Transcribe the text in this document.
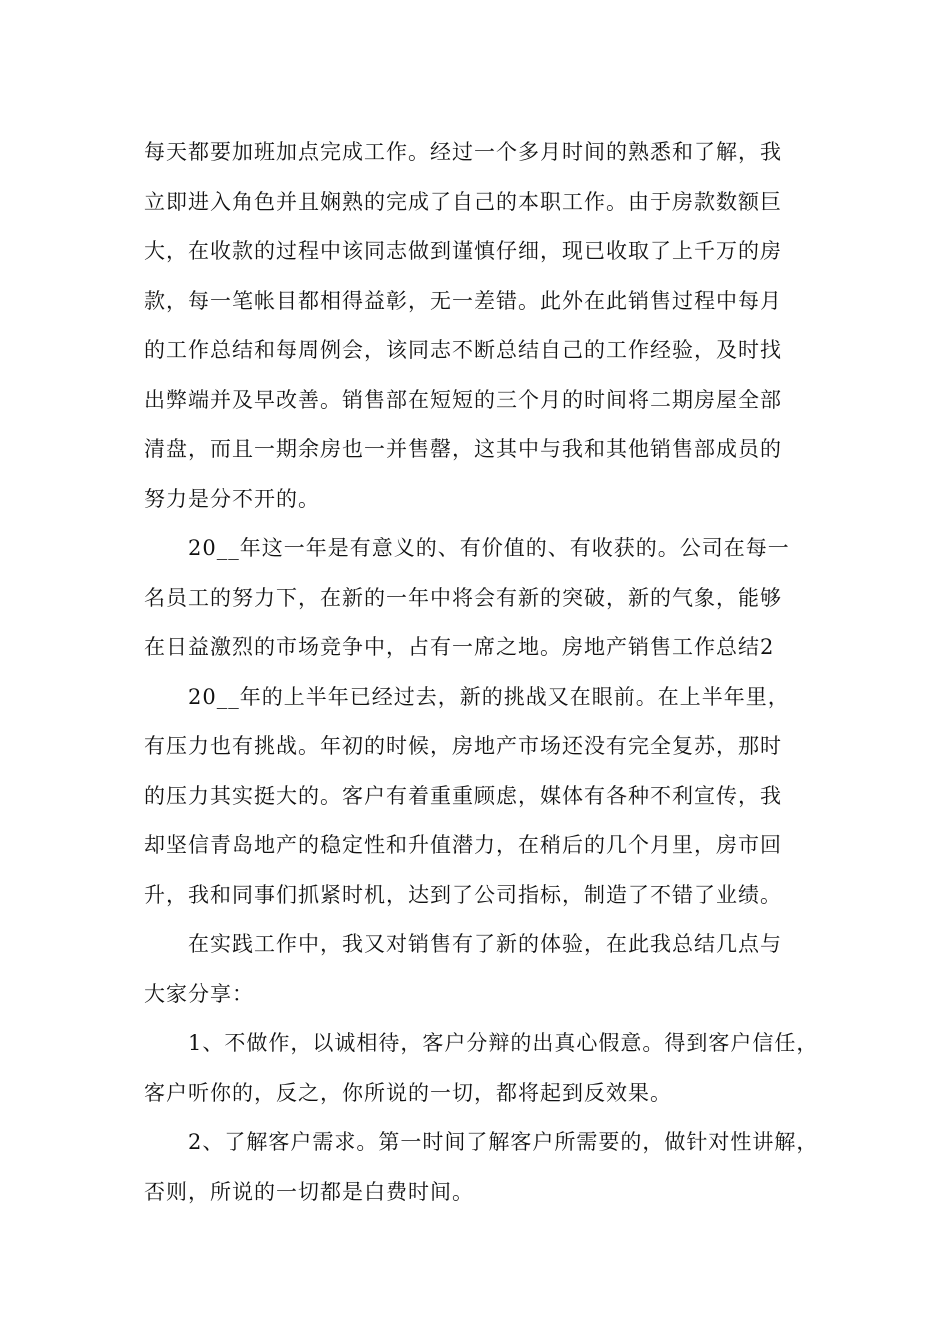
每天都要加班加点完成工作。经过一个多月时间的熟悉和了解，我
立即进入角色并且娴熟的完成了自己的本职工作。由于房款数额巨
大，在收款的过程中该同志做到谨慎仔细，现已收取了上千万的房
款，每一笔帐目都相得益彰，无一差错。此外在此销售过程中每月
的工作总结和每周例会，该同志不断总结自己的工作经验，及时找
出弊端并及早改善。销售部在短短的三个月的时间将二期房屋全部
清盘，而且一期余房也一并售罄，这其中与我和其他销售部成员的
努力是分不开的。
20__年这一年是有意义的、有价值的、有收获的。公司在每一
名员工的努力下，在新的一年中将会有新的突破，新的气象，能够
在日益激烈的市场竞争中，占有一席之地。房地产销售工作总结2
20__年的上半年已经过去，新的挑战又在眼前。在上半年里，
有压力也有挑战。年初的时候，房地产市场还没有完全复苏，那时
的压力其实挺大的。客户有着重重顾虑，媒体有各种不利宣传，我
却坚信青岛地产的稳定性和升值潜力，在稍后的几个月里，房市回
升，我和同事们抓紧时机，达到了公司指标，制造了不错了业绩。
在实践工作中，我又对销售有了新的体验，在此我总结几点与
大家分享：
1、不做作，以诚相待，客户分辩的出真心假意。得到客户信任，
客户听你的，反之，你所说的一切，都将起到反效果。
2、了解客户需求。第一时间了解客户所需要的，做针对性讲解，
否则，所说的一切都是白费时间。
